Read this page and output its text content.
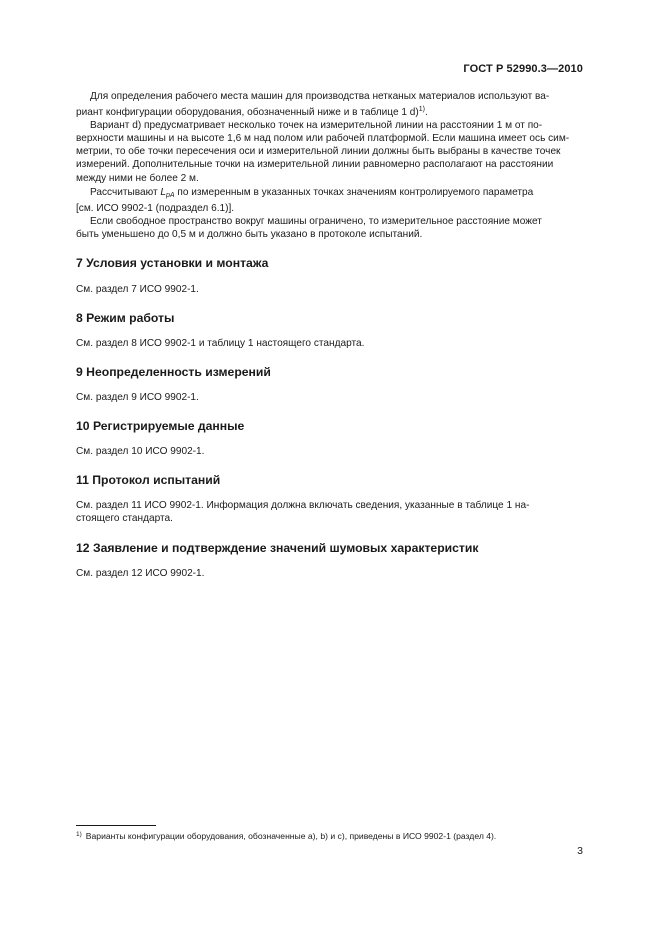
ГОСТ Р 52990.3—2010

Для определения рабочего места машин для производства нетканых материалов используют ва-
риант конфигурации оборудования, обозначенный ниже и в таблице 1 d)$^{1)}$.

Вариант d) предусматривает несколько точек на измерительной линии на расстоянии 1 м от по-
верхности машины и на высоте 1,6 м над полом или рабочей платформой. Если машина имеет ось сим-
метрии, то обе точки пересечения оси и измерительной линии должны быть выбраны в качестве точек
измерений. Дополнительные точки на измерительной линии равномерно располагают на расстоянии
между ними не более 2 м.

Рассчитывают $L_{pA}$ по измеренным в указанных точках значениям контролируемого параметра
[см. ИСО 9902-1 (подраздел 6.1)].

Если свободное пространство вокруг машины ограничено, то измерительное расстояние может
быть уменьшено до 0,5 м и должно быть указано в протоколе испытаний.

7 Условия установки и монтажа

См. раздел 7 ИСО 9902-1.

8 Режим работы

См. раздел 8 ИСО 9902-1 и таблицу 1 настоящего стандарта.

9 Неопределенность измерений

См. раздел 9 ИСО 9902-1.

10 Регистрируемые данные

См. раздел 10 ИСО 9902-1.

11 Протокол испытаний

См. раздел 11 ИСО 9902-1. Информация должна включать сведения, указанные в таблице 1 на-
стоящего стандарта.

12 Заявление и подтверждение значений шумовых характеристик

См. раздел 12 ИСО 9902-1.

$^{1)}$ Варианты конфигурации оборудования, обозначенные а), b) и с), приведены в ИСО 9902-1 (раздел 4).
3
